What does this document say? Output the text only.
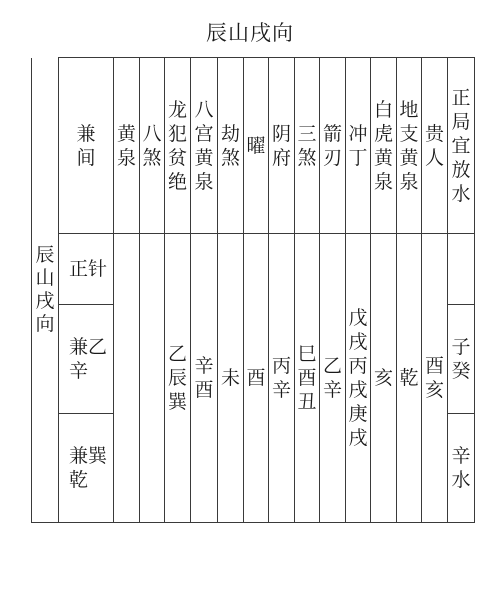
辰山戌向
辰山戌向	兼间	黄泉	八煞	龙犯贫绝	八宫黄泉	劫煞	曜	阴府	三煞	箭刃	冲丁	白虎黄泉	地支黄泉	贵人	正局宜放水
	正针			乙辰巽	辛酉	未	酉	丙辛	巳酉丑	乙辛	戊戌丙戌庚戌	亥	乾	酉亥	
	兼乙辛														子癸
	兼巽乾														辛水
